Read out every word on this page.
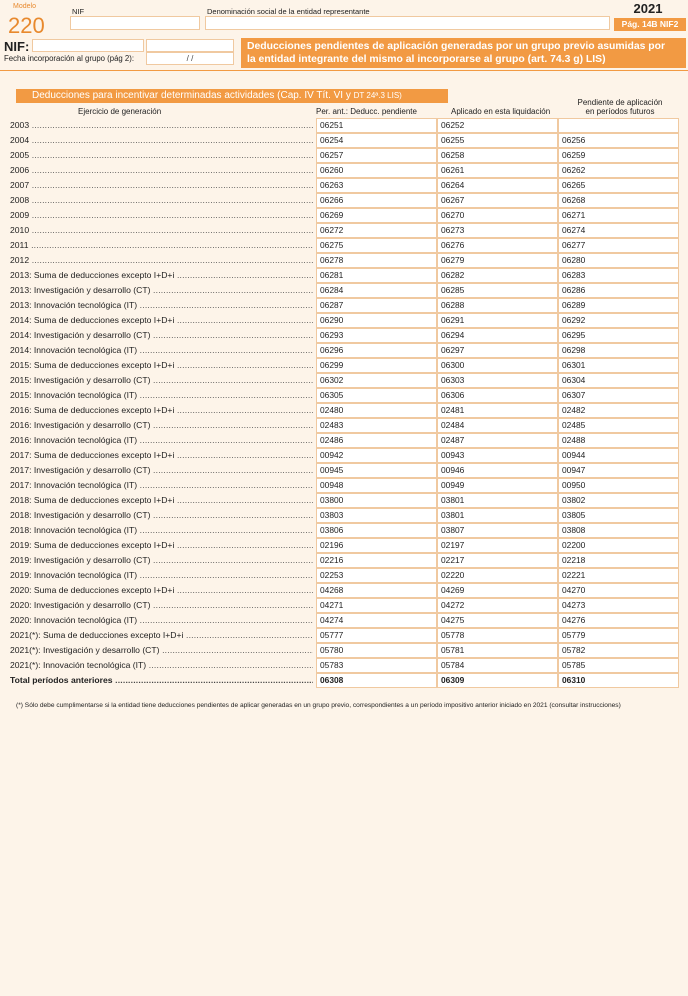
Modelo
220
NIF	Denominación social de la entidad representante	2021
Pág. 14B NIF2
NIF:
Fecha incorporación al grupo (pág 2):	/ /
Deducciones pendientes de aplicación generadas por un grupo previo asumidas por
la entidad integrante del mismo al incorporarse al grupo (art. 74.3 g) LIS)
Deducciones para incentivar determinadas actividades (Cap. IV Tít. VI y DT 24ª.3 LIS)
Ejercicio de generación	Per. ant.: Deducc. pendiente	Aplicado en esta liquidación
Pendiente de aplicación
en períodos futuros
2003 .....	06251	06252
2004 .....	06254	06255	06256
2005 .....	06257	06258	06259
2006 .....	06260	06261	06262
2007 .....	06263	06264	06265
2008 .....	06266	06267	06268
2009 .....	06269	06270	06271
2010 .....	06272	06273	06274
2011 .....	06275	06276	06277
2012 .....	06278	06279	06280
2013: Suma de deducciones excepto I+D+i .....	06281	06282	06283
2013: Investigación y desarrollo (CT) .....	06284	06285	06286
2013: Innovación tecnológica (IT) .....	06287	06288	06289
2014: Suma de deducciones excepto I+D+i .....	06290	06291	06292
2014: Investigación y desarrollo (CT) .....	06293	06294	06295
2014: Innovación tecnológica (IT) .....	06296	06297	06298
2015: Suma de deducciones excepto I+D+i .....	06299	06300	06301
2015: Investigación y desarrollo (CT) .....	06302	06303	06304
2015: Innovación tecnológica (IT) .....	06305	06306	06307
2016: Suma de deducciones excepto I+D+i .....	02480	02481	02482
2016: Investigación y desarrollo (CT) .....	02483	02484	02485
2016: Innovación tecnológica (IT) .....	02486	02487	02488
2017: Suma de deducciones excepto I+D+i .....	00942	00943	00944
2017: Investigación y desarrollo (CT) .....	00945	00946	00947
2017: Innovación tecnológica (IT) .....	00948	00949	00950
2018: Suma de deducciones excepto I+D+i .....	03800	03801	03802
2018: Investigación y desarrollo (CT) .....	03803	03801	03805
2018: Innovación tecnológica (IT) .....	03806	03807	03808
2019: Suma de deducciones excepto I+D+i .....	02196	02197	02200
2019: Investigación y desarrollo (CT) .....	02216	02217	02218
2019: Innovación tecnológica (IT) .....	02253	02220	02221
2020: Suma de deducciones excepto I+D+i .....	04268	04269	04270
2020: Investigación y desarrollo (CT) .....	04271	04272	04273
2020: Innovación tecnológica (IT) .....	04274	04275	04276
2021(*): Suma de deducciones excepto I+D+i .....	05777	05778	05779
2021(*): Investigación y desarrollo (CT) .....	05780	05781	05782
2021(*): Innovación tecnológica (IT) .....	05783	05784	05785
Total períodos anteriores .....	06308	06309	06310
(*) Sólo debe cumplimentarse si la entidad tiene deducciones pendientes de aplicar generadas en un grupo previo, correspondientes a un período impositivo anterior iniciado en 2021 (consultar instrucciones)
